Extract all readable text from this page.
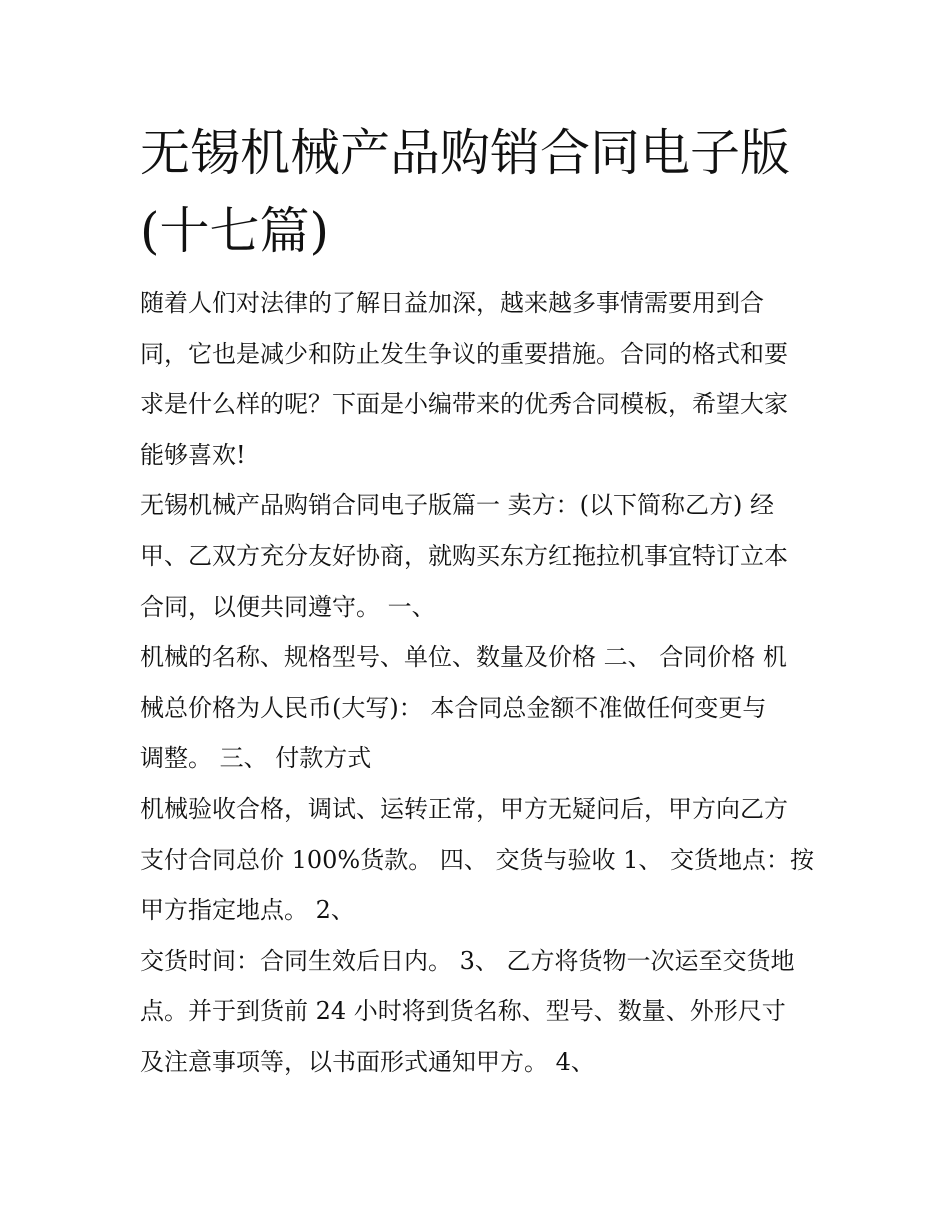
无锡机械产品购销合同电子版
(十七篇)
随着人们对法律的了解日益加深，越来越多事情需要用到合
同，它也是减少和防止发生争议的重要措施。合同的格式和要
求是什么样的呢？下面是小编带来的优秀合同模板，希望大家
能够喜欢!
无锡机械产品购销合同电子版篇一 卖方：(以下简称乙方) 经
甲、乙双方充分友好协商，就购买东方红拖拉机事宜特订立本
合同，以便共同遵守。 一、
机械的名称、规格型号、单位、数量及价格 二、 合同价格 机
械总价格为人民币(大写)： 本合同总金额不准做任何变更与
调整。 三、 付款方式
机械验收合格，调试、运转正常，甲方无疑问后，甲方向乙方
支付合同总价 100%货款。 四、 交货与验收 1、 交货地点：按
甲方指定地点。 2、
交货时间：合同生效后日内。 3、 乙方将货物一次运至交货地
点。并于到货前 24 小时将到货名称、型号、数量、外形尺寸
及注意事项等，以书面形式通知甲方。 4、
